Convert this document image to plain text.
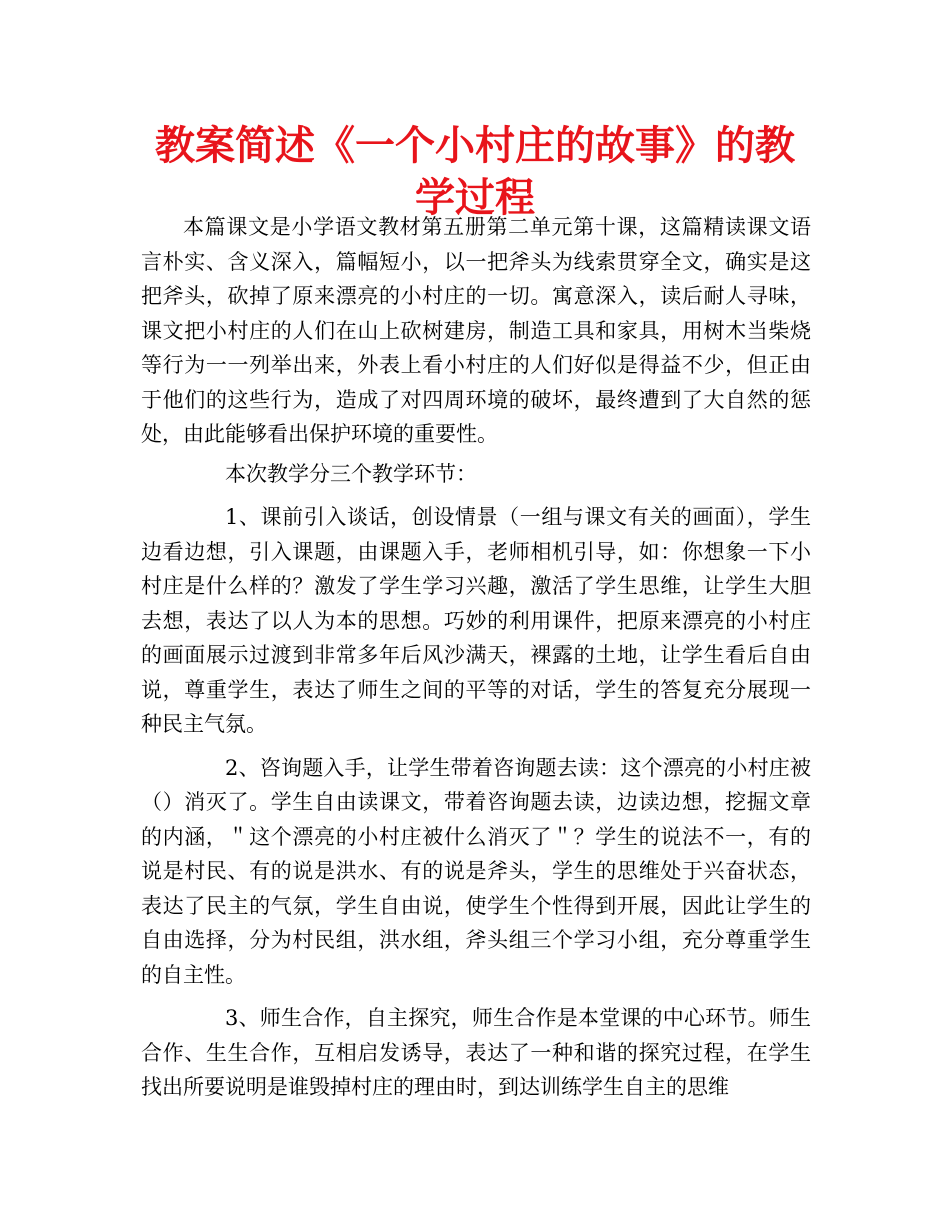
教案简述《一个小村庄的故事》的教学过程

本篇课文是小学语文教材第五册第二单元第十课，这篇精读课文语言朴实、含义深入，篇幅短小，以一把斧头为线索贯穿全文，确实是这把斧头，砍掉了原来漂亮的小村庄的一切。寓意深入，读后耐人寻味，课文把小村庄的人们在山上砍树建房，制造工具和家具，用树木当柴烧等行为一一列举出来，外表上看小村庄的人们好似是得益不少，但正由于他们的这些行为，造成了对四周环境的破坏，最终遭到了大自然的惩处，由此能够看出保护环境的重要性。

本次教学分三个教学环节：

1、课前引入谈话，创设情景（一组与课文有关的画面），学生边看边想，引入课题，由课题入手，老师相机引导，如：你想象一下小村庄是什么样的？激发了学生学习兴趣，激活了学生思维，让学生大胆去想，表达了以人为本的思想。巧妙的利用课件，把原来漂亮的小村庄的画面展示过渡到非常多年后风沙满天，裸露的土地，让学生看后自由说，尊重学生，表达了师生之间的平等的对话，学生的答复充分展现一种民主气氛。

2、咨询题入手，让学生带着咨询题去读：这个漂亮的小村庄被（）消灭了。学生自由读课文，带着咨询题去读，边读边想，挖掘文章的内涵，＂这个漂亮的小村庄被什么消灭了＂？学生的说法不一，有的说是村民、有的说是洪水、有的说是斧头，学生的思维处于兴奋状态，表达了民主的气氛，学生自由说，使学生个性得到开展，因此让学生的自由选择，分为村民组，洪水组，斧头组三个学习小组，充分尊重学生的自主性。

3、师生合作，自主探究，师生合作是本堂课的中心环节。师生合作、生生合作，互相启发诱导，表达了一种和谐的探究过程，在学生找出所要说明是谁毁掉村庄的理由时，到达训练学生自主的思维
